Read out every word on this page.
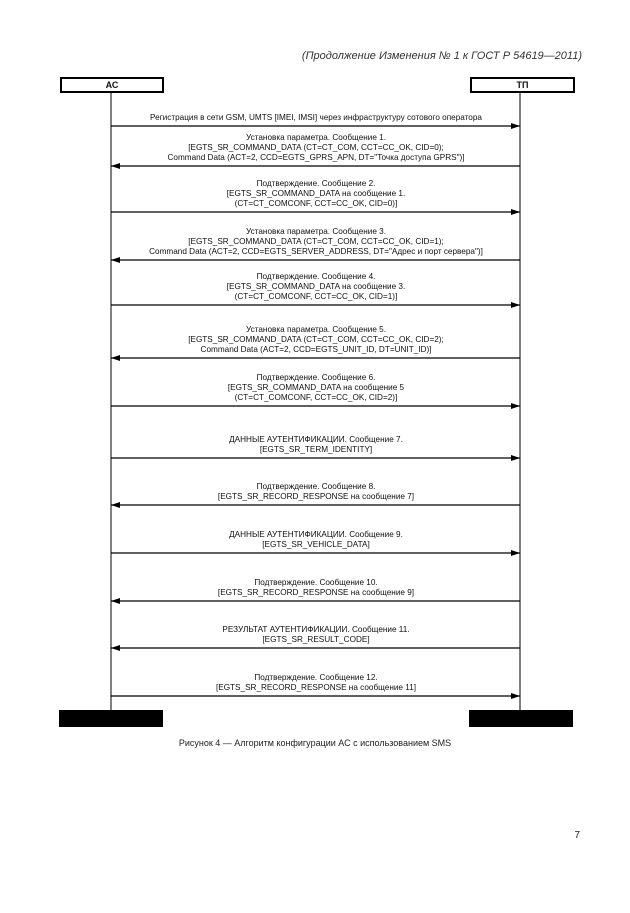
(Продолжение Изменения № 1 к ГОСТ Р 54619—2011)
АС	ТП
Регистрация в сети GSM, UMTS [IMEI, IMSI] через инфраструктуру сотового оператора
Установка параметра. Сообщение 1.
[EGTS_SR_COMMAND_DATA (CT=CT_COM, CCT=CC_OK, CID=0);
Command Data (ACT=2, CCD=EGTS_GPRS_APN, DT="Точка доступа GPRS")]
Подтверждение. Сообщение 2.
[EGTS_SR_COMMAND_DATA на сообщение 1.
(CT=CT_COMCONF, CCT=CC_OK, CID=0)]
Установка параметра. Сообщение 3.
[EGTS_SR_COMMAND_DATA (CT=CT_COM, CCT=CC_OK, CID=1);
Command Data (ACT=2, CCD=EGTS_SERVER_ADDRESS, DT="Адрес и порт сервера")]
Подтверждение. Сообщение 4.
[EGTS_SR_COMMAND_DATA на сообщение 3.
(CT=CT_COMCONF, CCT=CC_OK, CID=1)]
Установка параметра. Сообщение 5.
[EGTS_SR_COMMAND_DATA (CT=CT_COM, CCT=CC_OK, CID=2);
Command Data (ACT=2, CCD=EGTS_UNIT_ID, DT=UNIT_ID)]
Подтверждение. Сообщение 6.
[EGTS_SR_COMMAND_DATA на сообщение 5
(CT=CT_COMCONF, CCT=CC_OK, CID=2)]
ДАННЫЕ АУТЕНТИФИКАЦИИ. Сообщение 7.
[EGTS_SR_TERM_IDENTITY]
Подтверждение. Сообщение 8.
[EGTS_SR_RECORD_RESPONSE на сообщение 7]
ДАННЫЕ АУТЕНТИФИКАЦИИ. Сообщение 9.
[EGTS_SR_VEHICLE_DATA]
Подтверждение. Сообщение 10.
[EGTS_SR_RECORD_RESPONSE на сообщение 9]
РЕЗУЛЬТАТ АУТЕНТИФИКАЦИИ. Сообщение 11.
[EGTS_SR_RESULT_CODE]
Подтверждение. Сообщение 12.
[EGTS_SR_RECORD_RESPONSE на сообщение 11]
Рисунок 4 — Алгоритм конфигурации АС с использованием SMS
7
